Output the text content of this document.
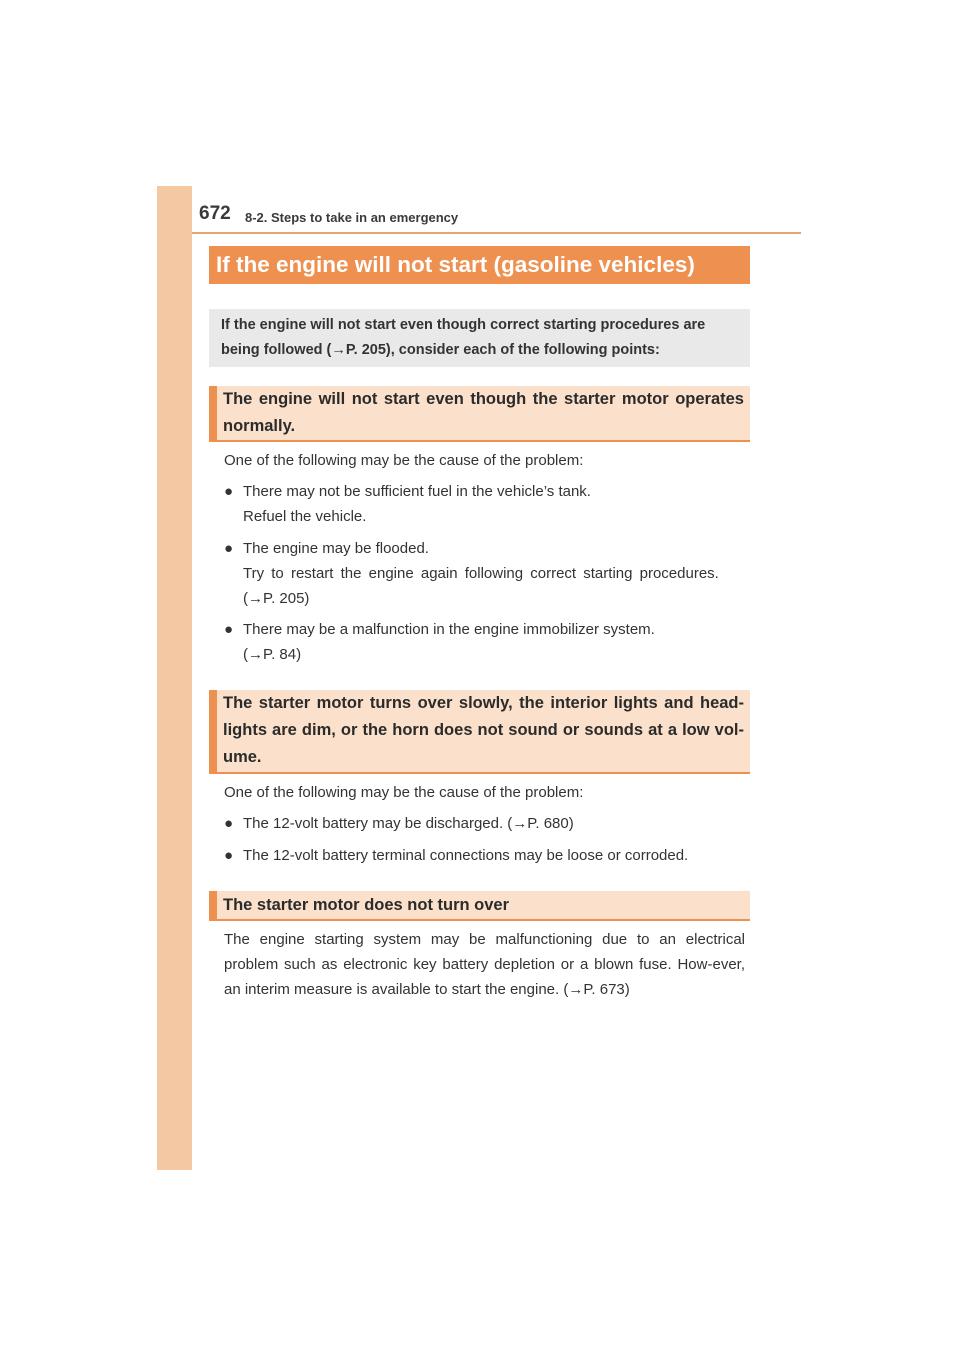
672 8-2. Steps to take in an emergency
If the engine will not start (gasoline vehicles)
If the engine will not start even though correct starting procedures are being followed (→P. 205), consider each of the following points:
The engine will not start even though the starter motor operates normally.
One of the following may be the cause of the problem:
● There may not be sufficient fuel in the vehicle’s tank.
Refuel the vehicle.
● The engine may be flooded.
Try to restart the engine again following correct starting procedures.
(→P. 205)
● There may be a malfunction in the engine immobilizer system.
(→P. 84)
The starter motor turns over slowly, the interior lights and head-lights are dim, or the horn does not sound or sounds at a low vol-ume.
One of the following may be the cause of the problem:
● The 12-volt battery may be discharged. (→P. 680)
● The 12-volt battery terminal connections may be loose or corroded.
The starter motor does not turn over
The engine starting system may be malfunctioning due to an electrical problem such as electronic key battery depletion or a blown fuse. How-ever, an interim measure is available to start the engine. (→P. 673)
